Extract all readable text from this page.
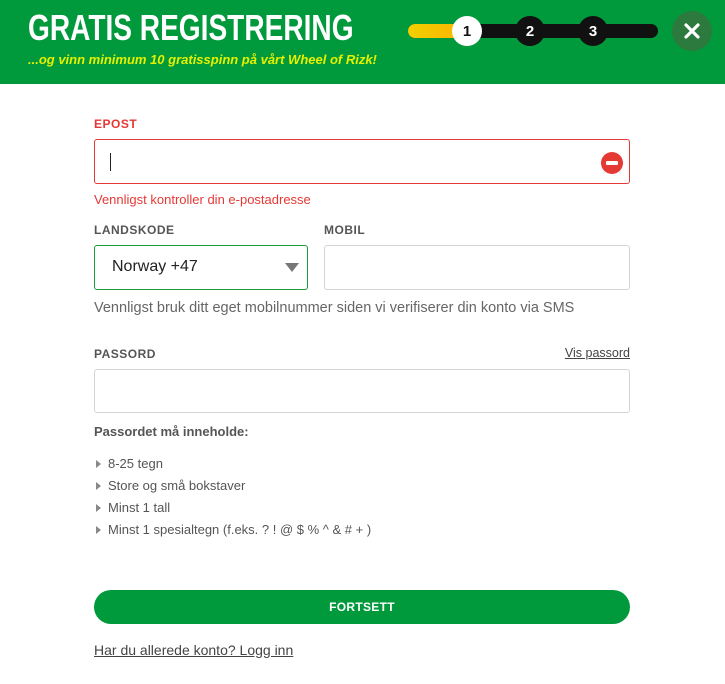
GRATIS REGISTRERING
...og vinn minimum 10 gratisspinn på vårt Wheel of Rizk!
1	2	3
EPOST
Vennligst kontroller din e-postadresse
LANDSKODE
Norway +47
MOBIL
Vennligst bruk ditt eget mobilnummer siden vi verifiserer din konto via SMS
PASSORD	Vis passord
Passordet må inneholde:
8-25 tegn
Store og små bokstaver
Minst 1 tall
Minst 1 spesialtegn (f.eks. ? ! @ $ % ^ & # + )
FORTSETT
Har du allerede konto? Logg inn
